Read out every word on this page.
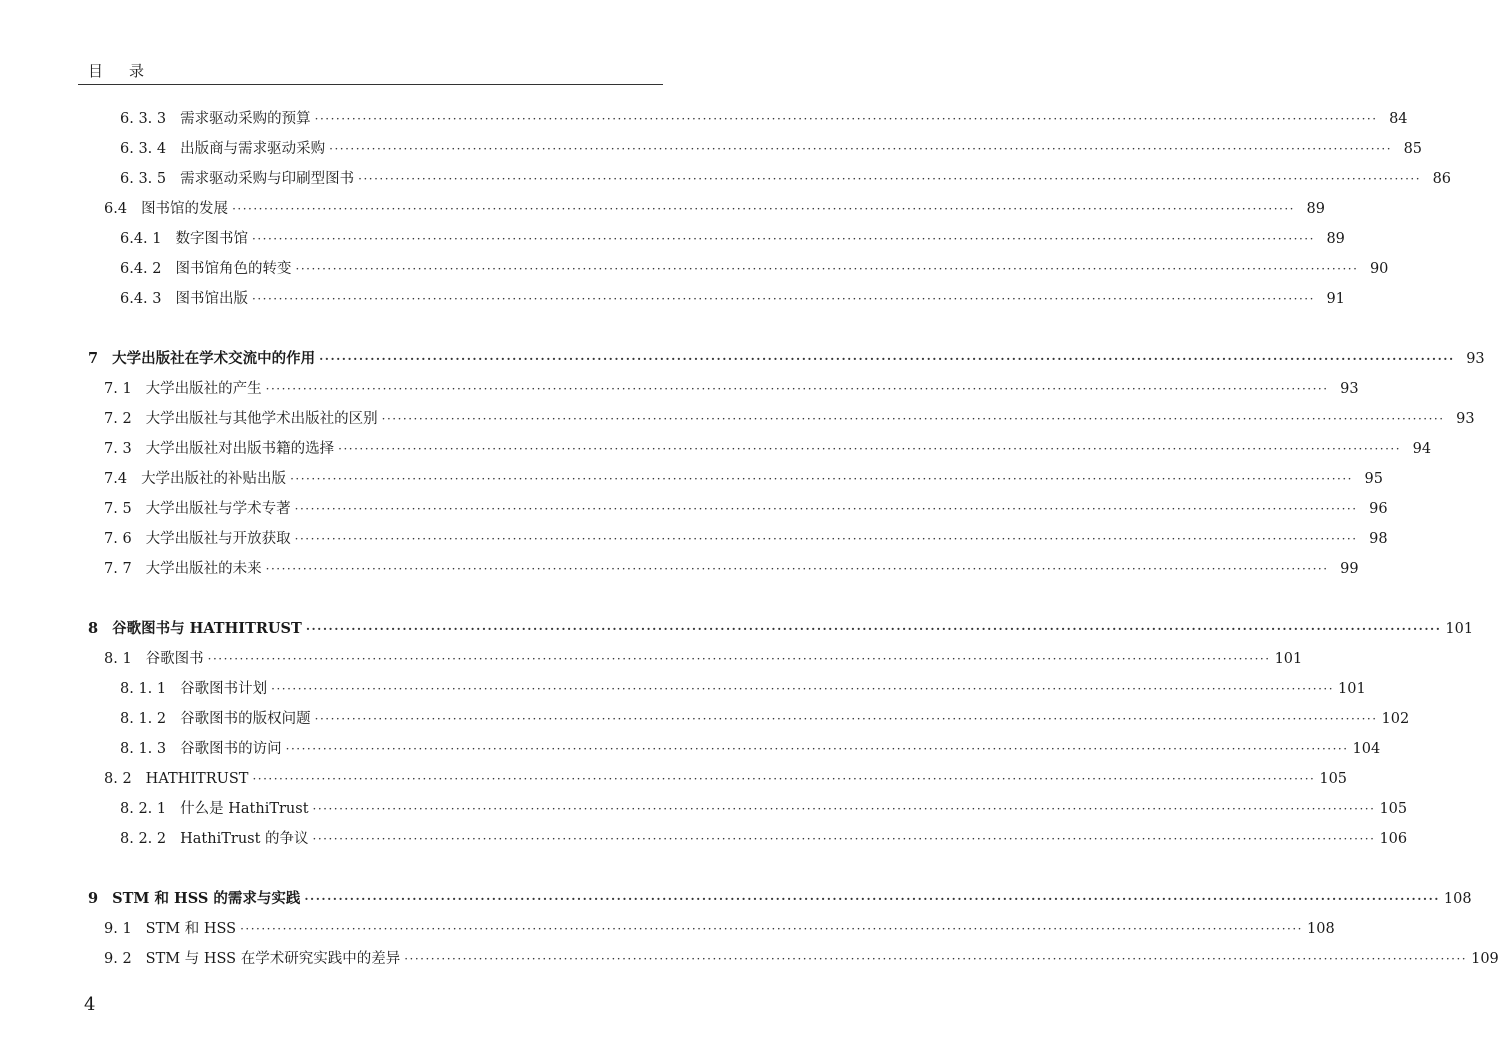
目 录
6. 3. 3 需求驱动采购的预算 ········································································································································································································ 84
6. 3. 4 出版商与需求驱动采购 ········································································································································································································ 85
6. 3. 5 需求驱动采购与印刷型图书 ········································································································································································································ 86
6.4 图书馆的发展 ········································································································································································································ 89
6.4. 1 数字图书馆 ········································································································································································································ 89
6.4. 2 图书馆角色的转变 ········································································································································································································ 90
6.4. 3 图书馆出版 ········································································································································································································ 91
7 大学出版社在学术交流中的作用 ········································································································································································································ 93
7. 1 大学出版社的产生 ········································································································································································································ 93
7. 2 大学出版社与其他学术出版社的区别 ········································································································································································································ 93
7. 3 大学出版社对出版书籍的选择 ········································································································································································································ 94
7.4 大学出版社的补贴出版 ········································································································································································································ 95
7. 5 大学出版社与学术专著 ········································································································································································································ 96
7. 6 大学出版社与开放获取 ········································································································································································································ 98
7. 7 大学出版社的未来 ········································································································································································································ 99
8 谷歌图书与 HATHITRUST ········································································································································································································ 101
8. 1 谷歌图书 ········································································································································································································ 101
8. 1. 1 谷歌图书计划 ········································································································································································································ 101
8. 1. 2 谷歌图书的版权问题 ········································································································································································································ 102
8. 1. 3 谷歌图书的访问 ········································································································································································································ 104
8. 2 HATHITRUST ········································································································································································································ 105
8. 2. 1 什么是 HathiTrust ········································································································································································································ 105
8. 2. 2 HathiTrust 的争议 ········································································································································································································ 106
9 STM 和 HSS 的需求与实践 ········································································································································································································ 108
9. 1 STM 和 HSS ········································································································································································································ 108
9. 2 STM 与 HSS 在学术研究实践中的差异 ········································································································································································································ 109
4
